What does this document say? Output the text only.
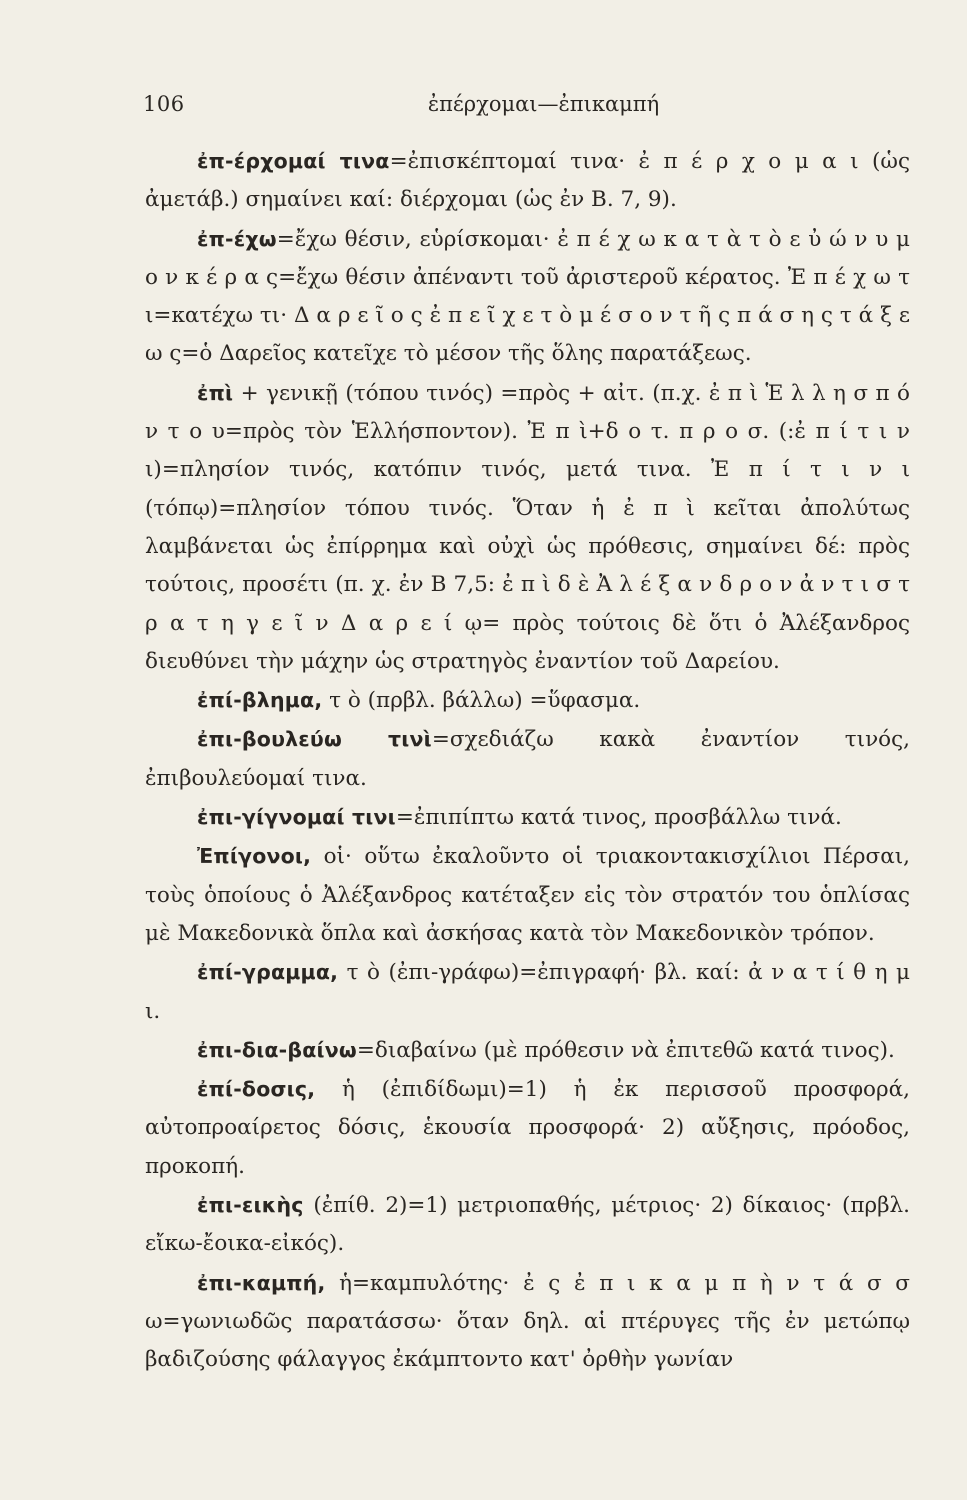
106	ἐπέρχομαι—ἐπικαμπή

ἐπ-έρχομαί τινα=ἐπισκέπτομαί τινα· ἐ π έ ρ χ ο μ α ι (ὡς ἀμετάβ.) σημαίνει καί: διέρχομαι (ὡς ἐν Β. 7, 9).

ἐπ-έχω=ἔχω θέσιν, εὑρίσκομαι· ἐ π έ χ ω κ α τ ὰ τ ὸ ε ὐ ώ ν υ μ ο ν κ έ ρ α ς=ἔχω θέσιν ἀπέναντι τοῦ ἀριστεροῦ κέρατος. Ἐ π έ χ ω τ ι=κατέχω τι· Δ α ρ ε ῖ ο ς ἐ π ε ῖ χ ε τ ὸ μ έ σ ο ν τ ῆ ς π ά σ η ς τ ά ξ ε ω ς=ὁ Δαρεῖος κατεῖχε τὸ μέσον τῆς ὅλης παρατάξεως.

ἐπὶ + γενικῇ (τόπου τινός) =πρὸς + αἰτ. (π.χ. ἐ π ὶ Ἑ λ λ η σ π ό ν τ ο υ=πρὸς τὸν Ἑλλήσποντον). Ἐ π ὶ+δ ο τ. π ρ ο σ. (:ἐ π ί τ ι ν ι)=πλησίον τινός, κατόπιν τινός, μετά τινα. Ἐ π ί τ ι ν ι (τόπῳ)=πλησίον τόπου τινός. Ὅταν ἡ ἐ π ὶ κεῖται ἀπολύτως λαμβάνεται ὡς ἐπίρρημα καὶ οὐχὶ ὡς πρόθεσις, σημαίνει δέ: πρὸς τούτοις, προσέτι (π. χ. ἐν Β 7,5: ἐ π ὶ δ ὲ Ἀ λ έ ξ α ν δ ρ ο ν ἀ ν τ ι σ τ ρ α τ η γ ε ῖ ν Δ α ρ ε ί ῳ= πρὸς τούτοις δὲ ὅτι ὁ Ἀλέξανδρος διευθύνει τὴν μάχην ὡς στρατηγὸς ἐναντίον τοῦ Δαρείου.

ἐπί-βλημα, τ ὸ (πρβλ. βάλλω) =ὕφασμα.

ἐπι-βουλεύω τινὶ=σχεδιάζω κακὰ ἐναντίον τινός, ἐπιβουλεύομαί τινα.

ἐπι-γίγνομαί τινι=ἐπιπίπτω κατά τινος, προσβάλλω τινά.

Ἐπίγονοι, οἱ· οὕτω ἐκαλοῦντο οἱ τριακοντακισχίλιοι Πέρσαι, τοὺς ὁποίους ὁ Ἀλέξανδρος κατέταξεν εἰς τὸν στρατόν του ὁπλίσας μὲ Μακεδονικὰ ὅπλα καὶ ἀσκήσας κατὰ τὸν Μακεδονικὸν τρόπον.

ἐπί-γραμμα, τ ὸ (ἐπι-γράφω)=ἐπιγραφή· βλ. καί: ἀ ν α τ ί θ η μ ι.

ἐπι-δια-βαίνω=διαβαίνω (μὲ πρόθεσιν νὰ ἐπιτεθῶ κατά τινος).

ἐπί-δοσις, ἡ (ἐπιδίδωμι)=1) ἡ ἐκ περισσοῦ προσφορά, αὐτοπροαίρετος δόσις, ἑκουσία προσφορά· 2) αὔξησις, πρόοδος, προκοπή.

ἐπι-εικὴς (ἐπίθ. 2)=1) μετριοπαθής, μέτριος· 2) δίκαιος· (πρβλ. εἴκω-ἔοικα-εἰκός).

ἐπι-καμπή, ἡ=καμπυλότης· ἐ ς ἐ π ι κ α μ π ὴ ν τ ά σ σ ω=γωνιωδῶς παρατάσσω· ὅταν δηλ. αἱ πτέρυγες τῆς ἐν μετώπῳ βαδιζούσης φάλαγγος ἐκάμπτοντο κατ' ὀρθὴν γωνίαν
